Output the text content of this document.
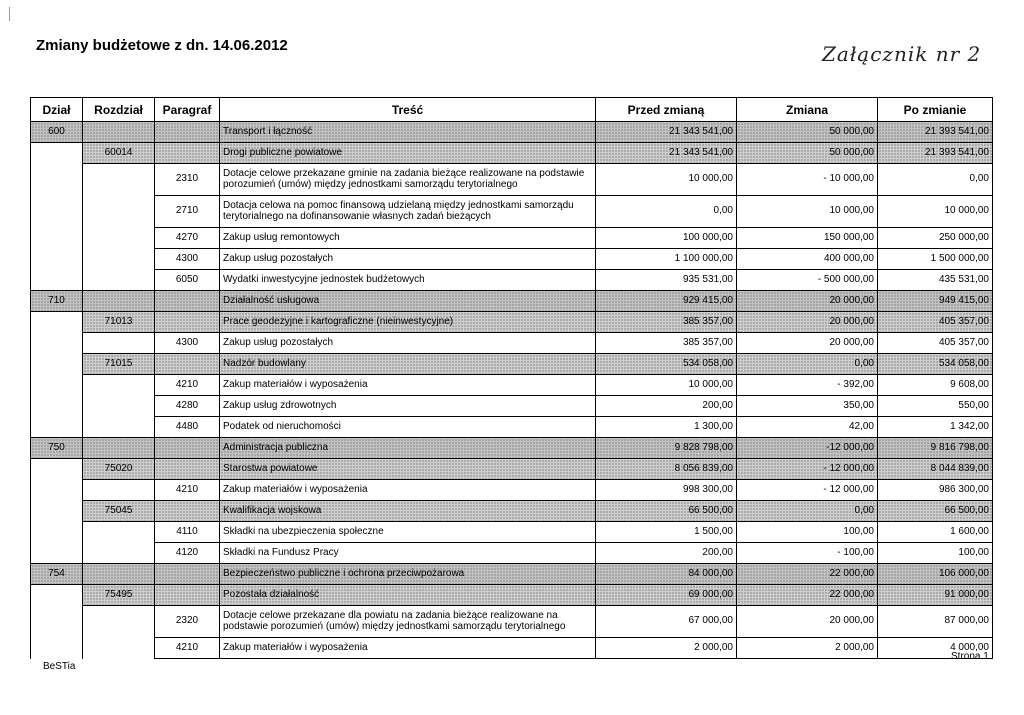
Zmiany budżetowe z dn. 14.06.2012	Załącznik nr 2
Dział	Rozdział	Paragraf	Treść	Przed zmianą	Zmiana	Po zmianie
600			Transport i łączność	21 343 541,00	50 000,00	21 393 541,00
	60014		Drogi publiczne powiatowe	21 343 541,00	50 000,00	21 393 541,00
		2310	Dotacje celowe przekazane gminie na zadania bieżące realizowane na podstawie porozumień (umów) między jednostkami samorządu terytorialnego	10 000,00	- 10 000,00	0,00
		2710	Dotacja celowa na pomoc finansową udzielaną między jednostkami samorządu terytorialnego na dofinansowanie własnych zadań bieżących	0,00	10 000,00	10 000,00
		4270	Zakup usług remontowych	100 000,00	150 000,00	250 000,00
		4300	Zakup usług pozostałych	1 100 000,00	400 000,00	1 500 000,00
		6050	Wydatki inwestycyjne jednostek budżetowych	935 531,00	- 500 000,00	435 531,00
710			Działalność usługowa	929 415,00	20 000,00	949 415,00
	71013		Prace geodezyjne i kartograficzne (nieinwestycyjne)	385 357,00	20 000,00	405 357,00
		4300	Zakup usług pozostałych	385 357,00	20 000,00	405 357,00
	71015		Nadzór budowlany	534 058,00	0,00	534 058,00
		4210	Zakup materiałów i wyposażenia	10 000,00	- 392,00	9 608,00
		4280	Zakup usług zdrowotnych	200,00	350,00	550,00
		4480	Podatek od nieruchomości	1 300,00	42,00	1 342,00
750			Administracja publiczna	9 828 798,00	-12 000,00	9 816 798,00
	75020		Starostwa powiatowe	8 056 839,00	- 12 000,00	8 044 839,00
		4210	Zakup materiałów i wyposażenia	998 300,00	- 12 000,00	986 300,00
	75045		Kwalifikacja wojskowa	66 500,00	0,00	66 500,00
		4110	Składki na ubezpieczenia społeczne	1 500,00	100,00	1 600,00
		4120	Składki na Fundusz Pracy	200,00	- 100,00	100,00
754			Bezpieczeństwo publiczne i ochrona przeciwpożarowa	84 000,00	22 000,00	106 000,00
	75495		Pozostała działalność	69 000,00	22 000,00	91 000,00
		2320	Dotacje celowe przekazane dla powiatu na zadania bieżące realizowane na podstawie porozumień (umów) między jednostkami samorządu terytorialnego	67 000,00	20 000,00	87 000,00
		4210	Zakup materiałów i wyposażenia	2 000,00	2 000,00	4 000,00
BeSTia
Strona 1
